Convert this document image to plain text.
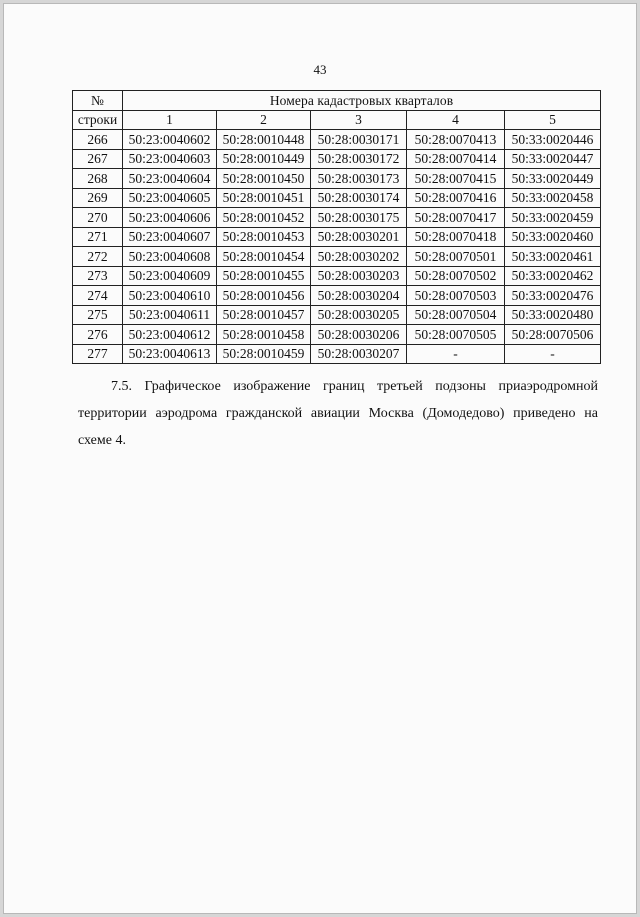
43
№	Номера кадастровых кварталов				
строки	1	2	3	4	5
266	50:23:0040602	50:28:0010448	50:28:0030171	50:28:0070413	50:33:0020446
267	50:23:0040603	50:28:0010449	50:28:0030172	50:28:0070414	50:33:0020447
268	50:23:0040604	50:28:0010450	50:28:0030173	50:28:0070415	50:33:0020449
269	50:23:0040605	50:28:0010451	50:28:0030174	50:28:0070416	50:33:0020458
270	50:23:0040606	50:28:0010452	50:28:0030175	50:28:0070417	50:33:0020459
271	50:23:0040607	50:28:0010453	50:28:0030201	50:28:0070418	50:33:0020460
272	50:23:0040608	50:28:0010454	50:28:0030202	50:28:0070501	50:33:0020461
273	50:23:0040609	50:28:0010455	50:28:0030203	50:28:0070502	50:33:0020462
274	50:23:0040610	50:28:0010456	50:28:0030204	50:28:0070503	50:33:0020476
275	50:23:0040611	50:28:0010457	50:28:0030205	50:28:0070504	50:33:0020480
276	50:23:0040612	50:28:0010458	50:28:0030206	50:28:0070505	50:28:0070506
277	50:23:0040613	50:28:0010459	50:28:0030207	-	-
7.5. Графическое изображение границ третьей подзоны приаэродромной территории аэродрома гражданской авиации Москва (Домодедово) приведено на схеме 4.
